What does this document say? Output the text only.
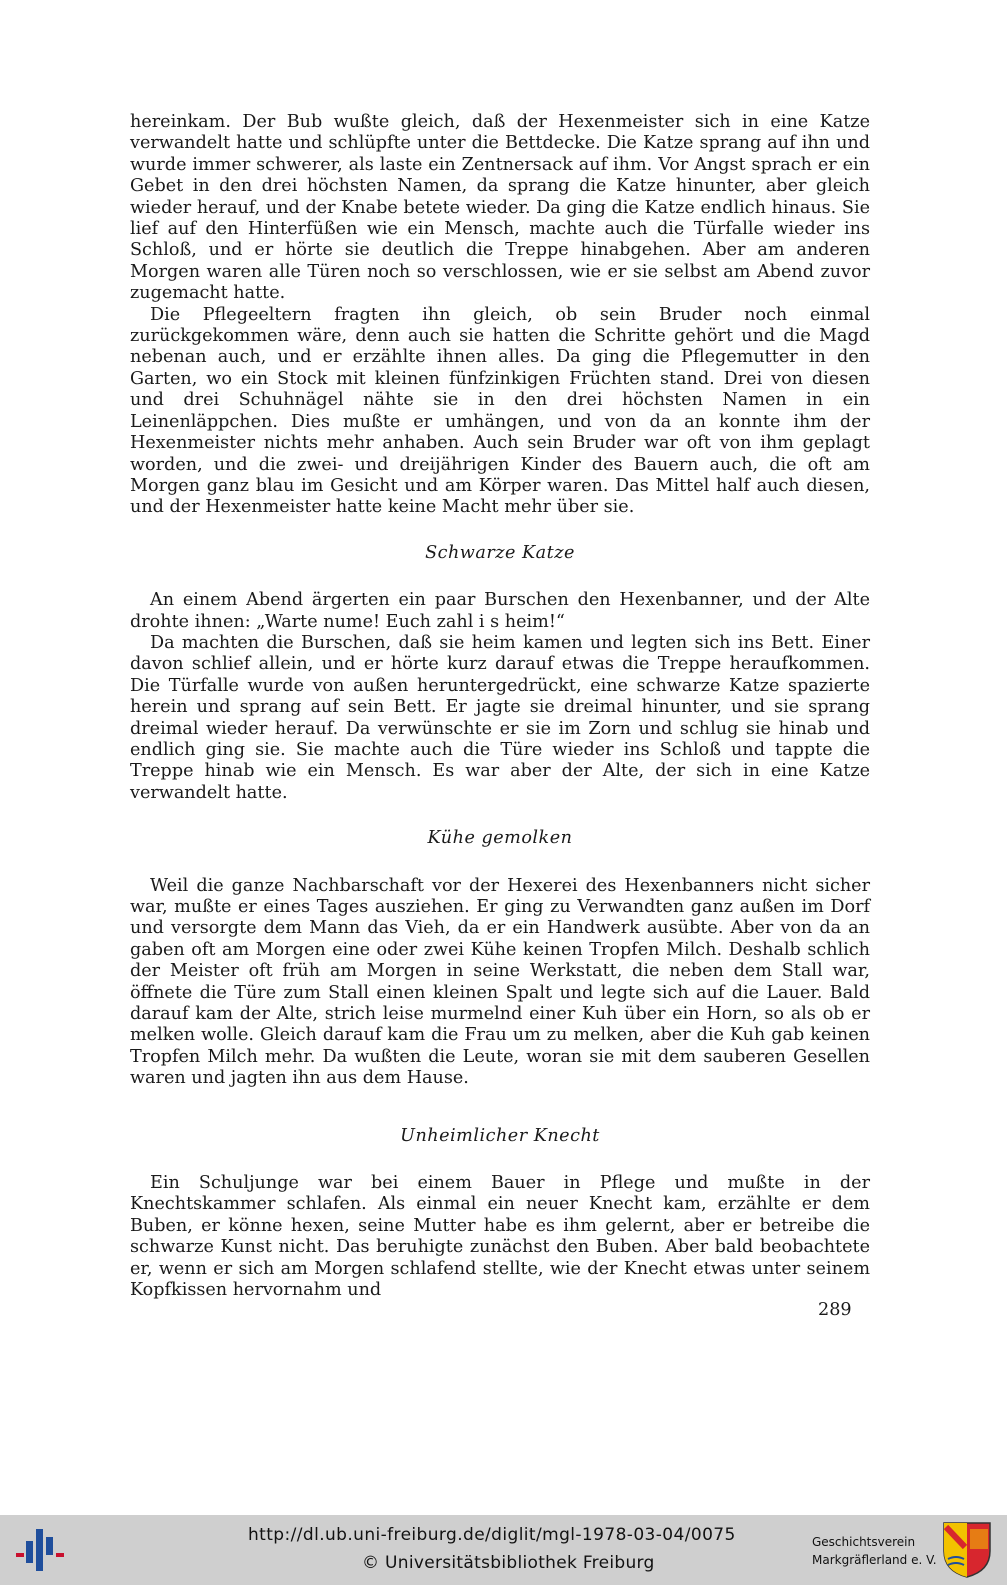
hereinkam. Der Bub wußte gleich, daß der Hexenmeister sich in eine Katze verwandelt hatte und schlüpfte unter die Bettdecke. Die Katze sprang auf ihn und wurde immer schwerer, als laste ein Zentnersack auf ihm. Vor Angst sprach er ein Gebet in den drei höchsten Namen, da sprang die Katze hinunter, aber gleich wieder herauf, und der Knabe betete wieder. Da ging die Katze endlich hinaus. Sie lief auf den Hinterfüßen wie ein Mensch, machte auch die Türfalle wieder ins Schloß, und er hörte sie deutlich die Treppe hinabgehen. Aber am anderen Morgen waren alle Türen noch so verschlossen, wie er sie selbst am Abend zuvor zugemacht hatte.

Die Pflegeeltern fragten ihn gleich, ob sein Bruder noch einmal zurückgekommen wäre, denn auch sie hatten die Schritte gehört und die Magd nebenan auch, und er erzählte ihnen alles. Da ging die Pflegemutter in den Garten, wo ein Stock mit kleinen fünfzinkigen Früchten stand. Drei von diesen und drei Schuhnägel nähte sie in den drei höchsten Namen in ein Leinenläppchen. Dies mußte er umhängen, und von da an konnte ihm der Hexenmeister nichts mehr anhaben. Auch sein Bruder war oft von ihm geplagt worden, und die zwei- und dreijährigen Kinder des Bauern auch, die oft am Morgen ganz blau im Gesicht und am Körper waren. Das Mittel half auch diesen, und der Hexenmeister hatte keine Macht mehr über sie.

Schwarze Katze

An einem Abend ärgerten ein paar Burschen den Hexenbanner, und der Alte drohte ihnen: „Warte nume! Euch zahl i s heim!“

Da machten die Burschen, daß sie heim kamen und legten sich ins Bett. Einer davon schlief allein, und er hörte kurz darauf etwas die Treppe heraufkommen. Die Türfalle wurde von außen heruntergedrückt, eine schwarze Katze spazierte herein und sprang auf sein Bett. Er jagte sie dreimal hinunter, und sie sprang dreimal wieder herauf. Da verwünschte er sie im Zorn und schlug sie hinab und endlich ging sie. Sie machte auch die Türe wieder ins Schloß und tappte die Treppe hinab wie ein Mensch. Es war aber der Alte, der sich in eine Katze verwandelt hatte.

Kühe gemolken

Weil die ganze Nachbarschaft vor der Hexerei des Hexenbanners nicht sicher war, mußte er eines Tages ausziehen. Er ging zu Verwandten ganz außen im Dorf und versorgte dem Mann das Vieh, da er ein Handwerk ausübte. Aber von da an gaben oft am Morgen eine oder zwei Kühe keinen Tropfen Milch. Deshalb schlich der Meister oft früh am Morgen in seine Werkstatt, die neben dem Stall war, öffnete die Türe zum Stall einen kleinen Spalt und legte sich auf die Lauer. Bald darauf kam der Alte, strich leise murmelnd einer Kuh über ein Horn, so als ob er melken wolle. Gleich darauf kam die Frau um zu melken, aber die Kuh gab keinen Tropfen Milch mehr. Da wußten die Leute, woran sie mit dem sauberen Gesellen waren und jagten ihn aus dem Hause.

Unheimlicher Knecht

Ein Schuljunge war bei einem Bauer in Pflege und mußte in der Knechtskammer schlafen. Als einmal ein neuer Knecht kam, erzählte er dem Buben, er könne hexen, seine Mutter habe es ihm gelernt, aber er betreibe die schwarze Kunst nicht. Das beruhigte zunächst den Buben. Aber bald beobachtete er, wenn er sich am Morgen schlafend stellte, wie der Knecht etwas unter seinem Kopfkissen hervornahm und

289
http://dl.ub.uni-freiburg.de/diglit/mgl-1978-03-04/0075
© Universitätsbibliothek Freiburg
Geschichtsverein
Markgräflerland e. V.
